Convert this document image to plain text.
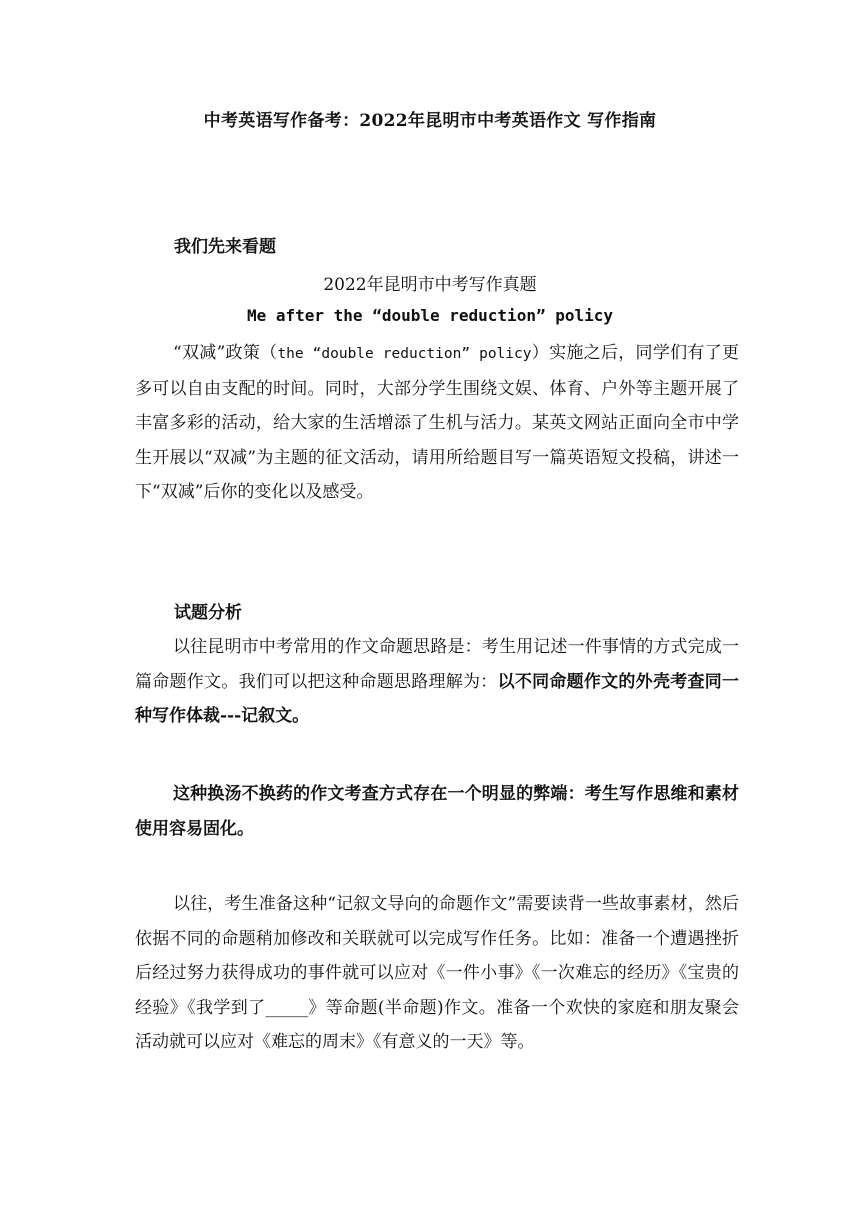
中考英语写作备考：2022年昆明市中考英语作文 写作指南
我们先来看题
2022年昆明市中考写作真题
Me after the “double reduction” policy

“双减”政策（the “double reduction” policy）实施之后，同学们有了更多可以自由支配的时间。同时，大部分学生围绕文娱、体育、户外等主题开展了丰富多彩的活动，给大家的生活增添了生机与活力。某英文网站正面向全市中学生开展以“双减”为主题的征文活动，请用所给题目写一篇英语短文投稿，讲述一下“双减”后你的变化以及感受。

试题分析

以往昆明市中考常用的作文命题思路是：考生用记述一件事情的方式完成一篇命题作文。我们可以把这种命题思路理解为：以不同命题作文的外壳考查同一种写作体裁---记叙文。

这种换汤不换药的作文考查方式存在一个明显的弊端：考生写作思维和素材使用容易固化。

以往，考生准备这种“记叙文导向的命题作文”需要读背一些故事素材，然后依据不同的命题稍加修改和关联就可以完成写作任务。比如：准备一个遭遇挫折后经过努力获得成功的事件就可以应对《一件小事》《一次难忘的经历》《宝贵的经验》《我学到了_____》等命题(半命题)作文。准备一个欢快的家庭和朋友聚会活动就可以应对《难忘的周末》《有意义的一天》等。
